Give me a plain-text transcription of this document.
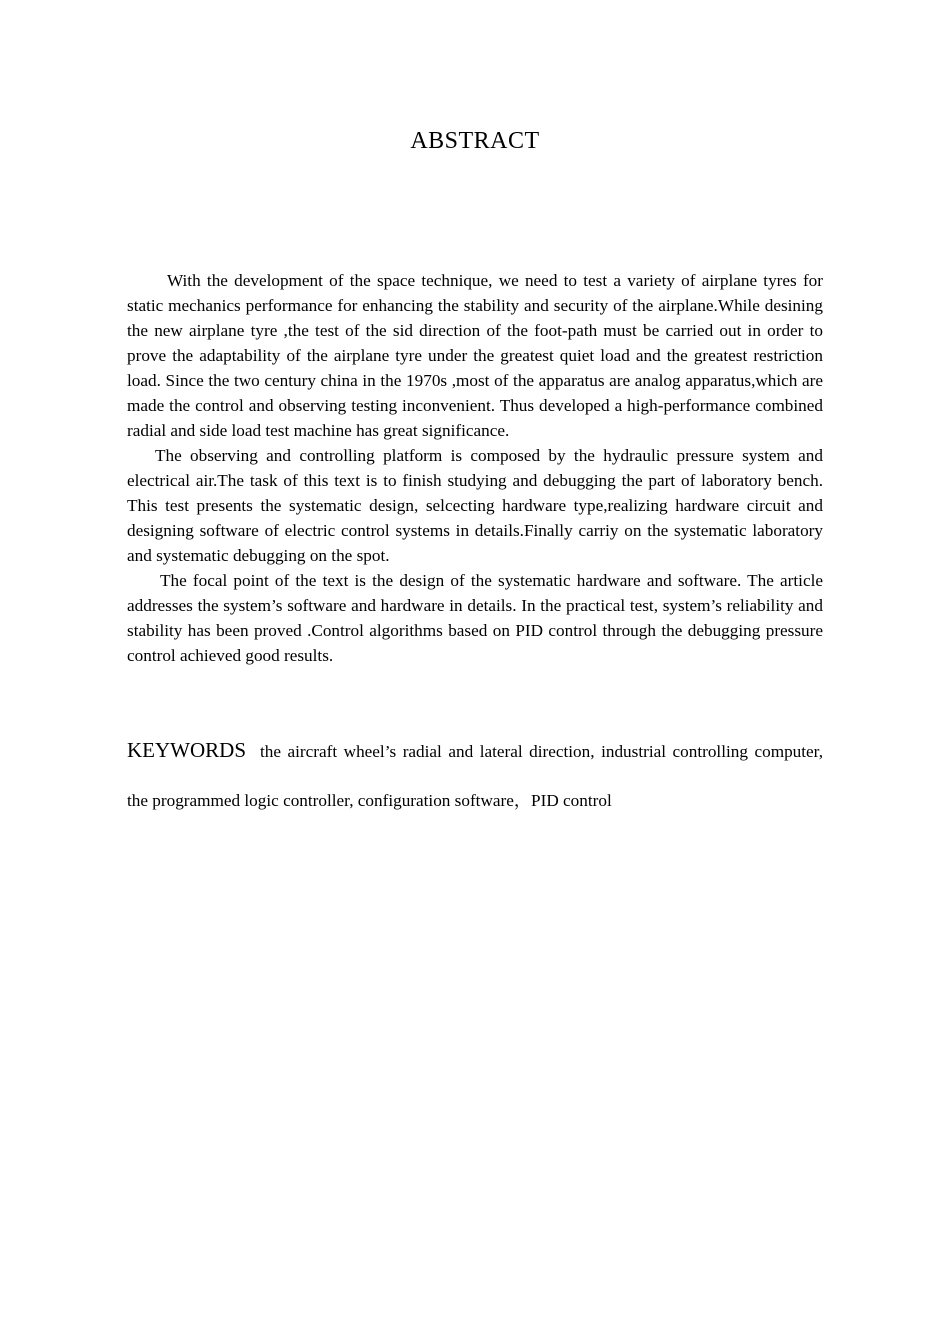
ABSTRACT

With the development of the space technique, we need to test a variety of airplane tyres for static mechanics performance for enhancing the stability and security of the airplane.While desining the new airplane tyre ,the test of the sid direction of the foot-path must be carried out in order to prove the adaptability of the airplane tyre under the greatest quiet load and the greatest restriction load. Since the two century china in the 1970s ,most of the apparatus are analog apparatus,which are made the control and observing testing inconvenient. Thus developed a high-performance combined radial and side load test machine has great significance.

The observing and controlling platform is composed by the hydraulic pressure system and electrical air.The task of this text is to finish studying and debugging the part of laboratory bench. This test presents the systematic design, selcecting hardware type,realizing hardware circuit and designing software of electric control systems in details.Finally carriy on the systematic laboratory and systematic debugging on the spot.

The focal point of the text is the design of the systematic hardware and software. The article addresses the system’s software and hardware in details. In the practical test, system’s reliability and stability has been proved .Control algorithms based on PID control through the debugging pressure control achieved good results.

KEYWORDS the aircraft wheel’s radial and lateral direction, industrial controlling computer, the programmed logic controller, configuration software，PID control
